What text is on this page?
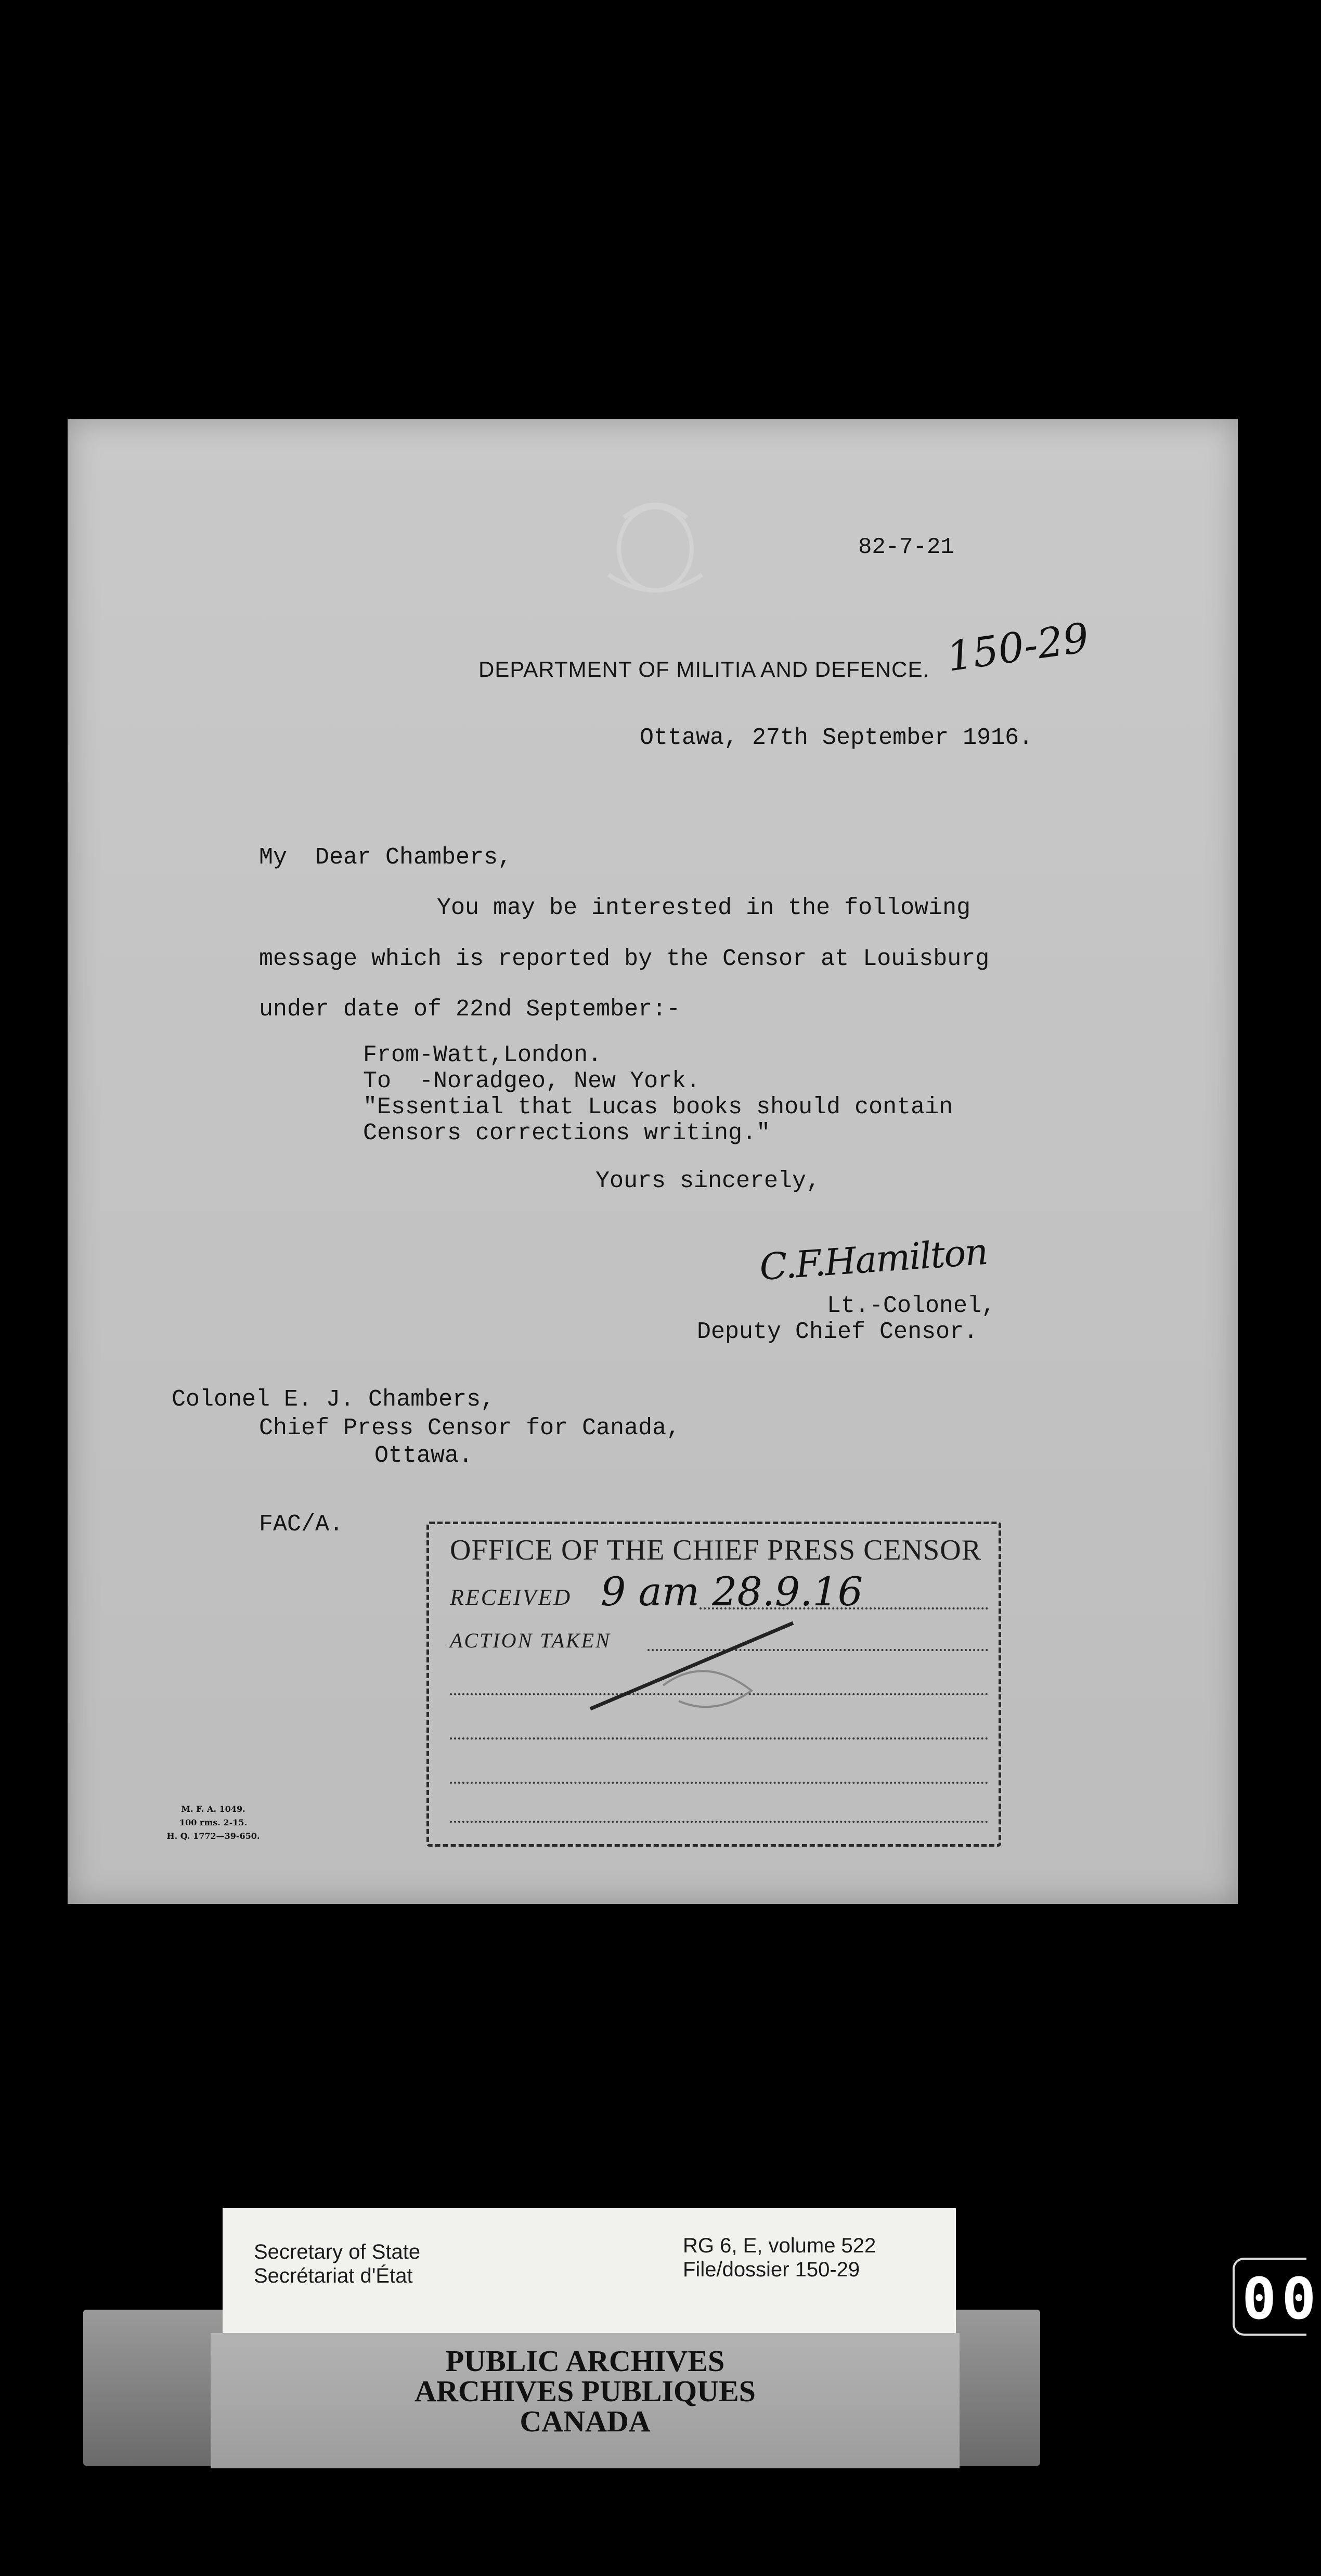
82-7-21
150-29
DEPARTMENT OF MILITIA AND DEFENCE.
Ottawa, 27th September 1916.
My  Dear Chambers,
You may be interested in the following
message which is reported by the Censor at Louisburg
under date of 22nd September:-
From-Watt,London.
To  -Noradgeo, New York.
"Essential that Lucas books should contain
Censors corrections writing."
Yours sincerely,
C.F.Hamilton
Lt.-Colonel,
Deputy Chief Censor.
Colonel E. J. Chambers,
Chief Press Censor for Canada,
Ottawa.
FAC/A.
OFFICE OF THE CHIEF PRESS CENSOR
RECEIVED 9 am 28.9.16
ACTION TAKEN
M. F. A. 1049.
100 rms. 2-15.
H. Q. 1772—39-650.
Secretary of State
Secrétariat d'État
RG 6, E, volume 522
File/dossier 150-29
PUBLIC ARCHIVES
ARCHIVES PUBLIQUES
CANADA
00
